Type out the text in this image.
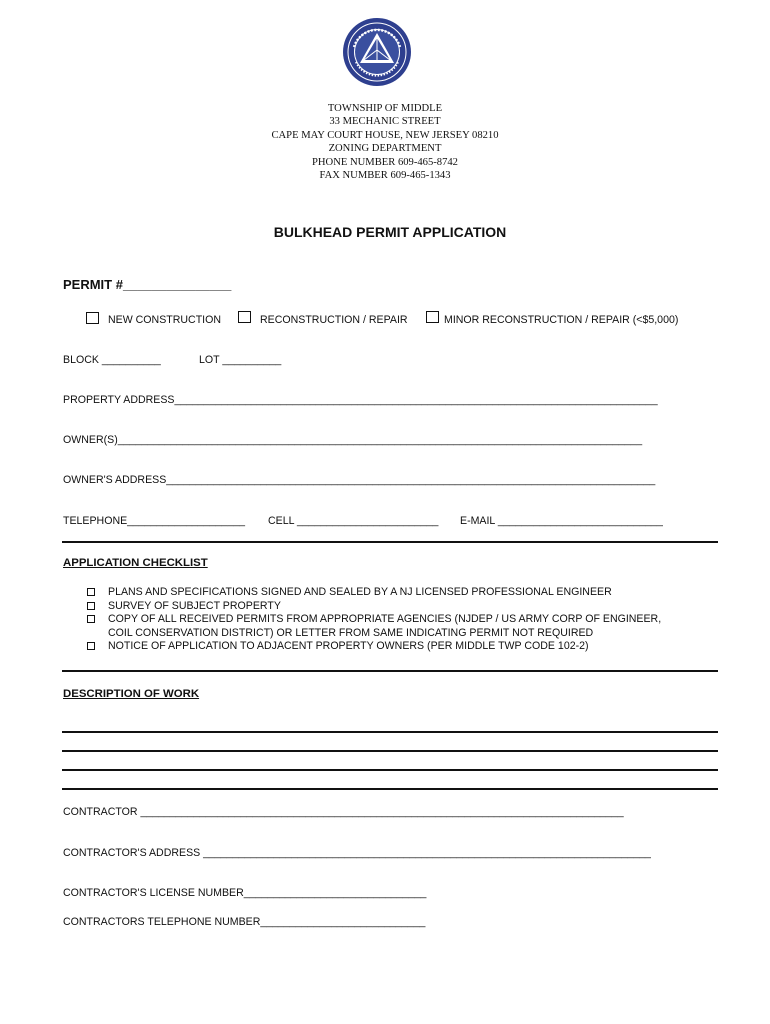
TOWNSHIP OF MIDDLE
33 MECHANIC STREET
CAPE MAY COURT HOUSE, NEW JERSEY 08210
ZONING DEPARTMENT
PHONE NUMBER 609-465-8742
FAX NUMBER 609-465-1343
BULKHEAD PERMIT APPLICATION
PERMIT #_______________
NEW CONSTRUCTION	RECONSTRUCTION / REPAIR	MINOR RECONSTRUCTION / REPAIR (<$5,000)
BLOCK __________	LOT __________
PROPERTY ADDRESS__________________________________________________________________________________
OWNER(S)_________________________________________________________________________________________
OWNER'S ADDRESS___________________________________________________________________________________
TELEPHONE____________________ CELL ________________________ E-MAIL ____________________________
APPLICATION CHECKLIST
PLANS AND SPECIFICATIONS SIGNED AND SEALED BY A NJ LICENSED PROFESSIONAL ENGINEER
SURVEY OF SUBJECT PROPERTY
COPY OF ALL RECEIVED PERMITS FROM APPROPRIATE AGENCIES (NJDEP / US ARMY CORP OF ENGINEER,
COIL CONSERVATION DISTRICT) OR LETTER FROM SAME INDICATING PERMIT NOT REQUIRED
NOTICE OF APPLICATION TO ADJACENT PROPERTY OWNERS (PER MIDDLE TWP CODE 102-2)
DESCRIPTION OF WORK
CONTRACTOR __________________________________________________________________________________
CONTRACTOR'S ADDRESS ____________________________________________________________________________
CONTRACTOR'S LICENSE NUMBER_______________________________
CONTRACTORS TELEPHONE NUMBER____________________________
